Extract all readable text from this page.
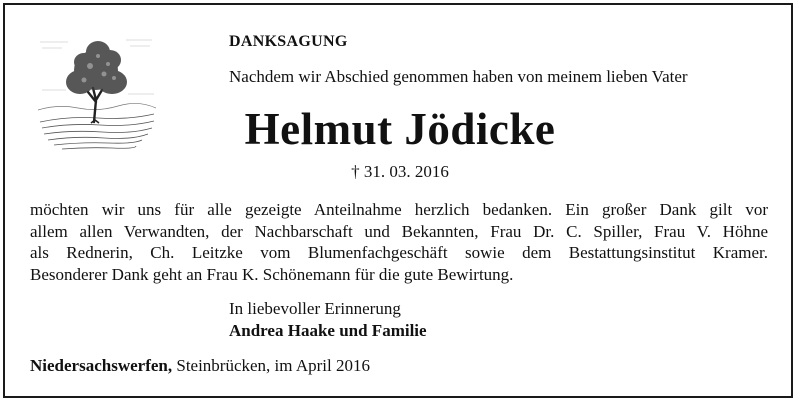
DANKSAGUNG
Nachdem wir Abschied genommen haben von meinem lieben Vater
Helmut Jödicke
† 31. 03. 2016
möchten wir uns für alle gezeigte Anteilnahme herzlich bedanken. Ein großer Dank gilt vor
allem allen Verwandten, der Nachbarschaft und Bekannten, Frau Dr. C. Spiller, Frau V. Höhne
als Rednerin, Ch. Leitzke vom Blumenfachgeschäft sowie dem Bestattungsinstitut Kramer.
Besonderer Dank geht an Frau K. Schönemann für die gute Bewirtung.
In liebevoller Erinnerung
Andrea Haake und Familie
Niedersachswerfen, Steinbrücken, im April 2016
